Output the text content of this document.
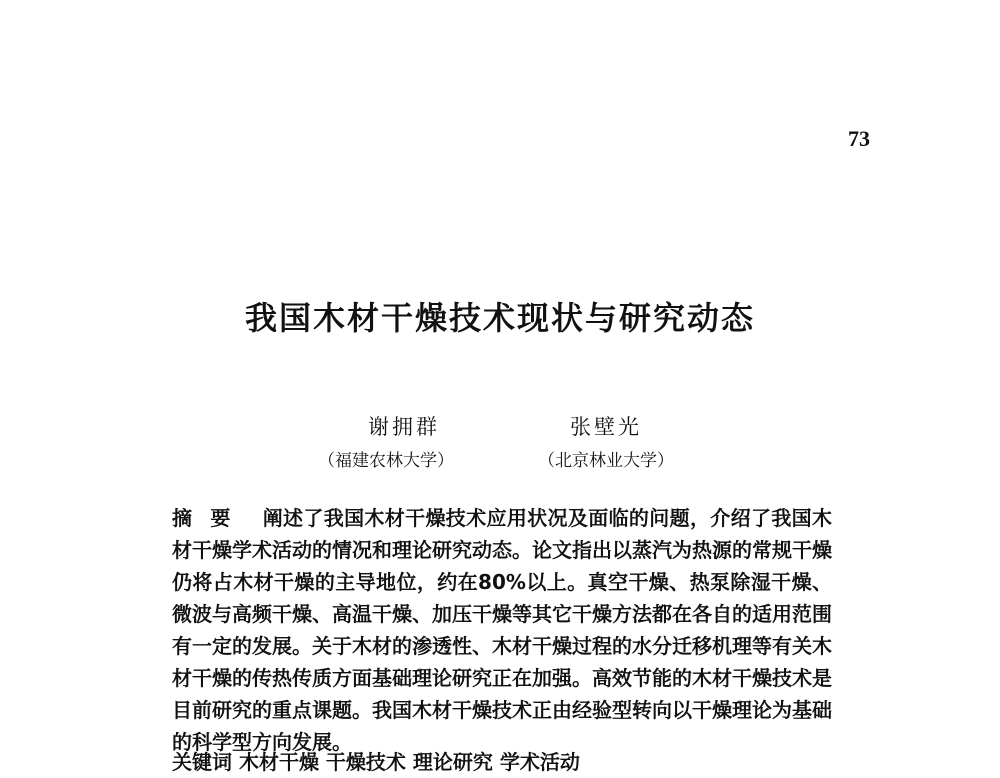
73
我国木材干燥技术现状与研究动态
谢拥群	张壁光
（福建农林大学）	（北京林业大学）
摘要 阐述了我国木材干燥技术应用状况及面临的问题，介绍了我国木材干燥学术活动的情况和理论研究动态。论文指出以蒸汽为热源的常规干燥仍将占木材干燥的主导地位，约在80%以上。真空干燥、热泵除湿干燥、微波与高频干燥、高温干燥、加压干燥等其它干燥方法都在各自的适用范围有一定的发展。关于木材的渗透性、木材干燥过程的水分迁移机理等有关木材干燥的传热传质方面基础理论研究正在加强。高效节能的木材干燥技术是目前研究的重点课题。我国木材干燥技术正由经验型转向以干燥理论为基础的科学型方向发展。
关键词 木材干燥 干燥技术 理论研究 学术活动
